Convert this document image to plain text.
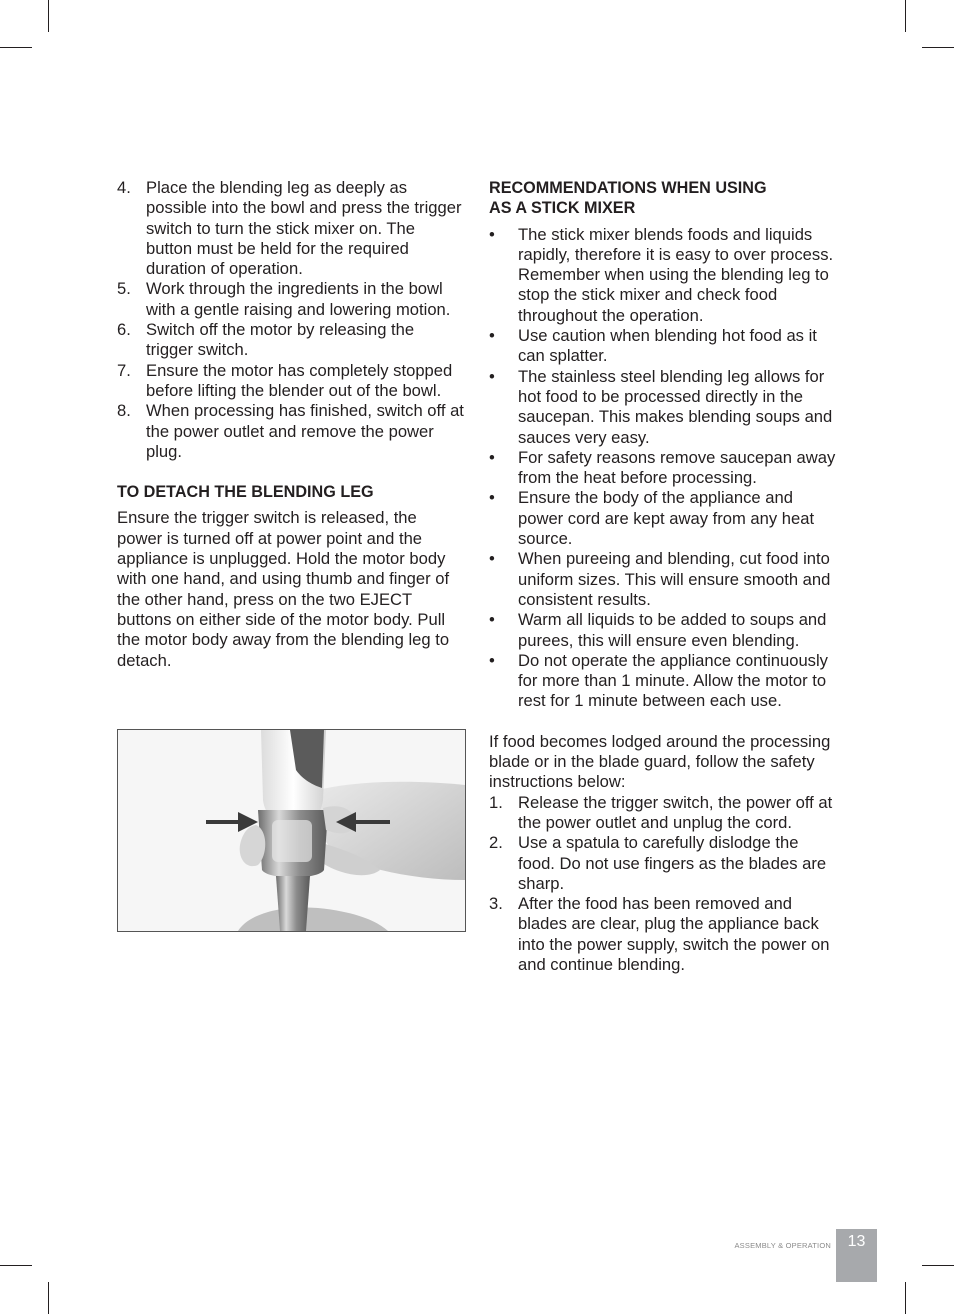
4. Place the blending leg as deeply as possible into the bowl and press the trigger switch to turn the stick mixer on. The button must be held for the required duration of operation.
5. Work through the ingredients in the bowl with a gentle raising and lowering motion.
6. Switch off the motor by releasing the trigger switch.
7. Ensure the motor has completely stopped before lifting the blender out of the bowl.
8. When processing has finished, switch off at the power outlet and remove the power plug.
TO DETACH THE BLENDING LEG

Ensure the trigger switch is released, the power is turned off at power point and the appliance is unplugged. Hold the motor body with one hand, and using thumb and finger of the other hand, press on the two EJECT buttons on either side of the motor body. Pull the motor body away from the blending leg to detach.

RECOMMENDATIONS WHEN USING
AS A STICK MIXER
• The stick mixer blends foods and liquids rapidly, therefore it is easy to over process. Remember when using the blending leg to stop the stick mixer and check food throughout the operation.
• Use caution when blending hot food as it can splatter.
• The stainless steel blending leg allows for hot food to be processed directly in the saucepan. This makes blending soups and sauces very easy.
• For safety reasons remove saucepan away from the heat before processing.
• Ensure the body of the appliance and power cord are kept away from any heat source.
• When pureeing and blending, cut food into uniform sizes. This will ensure smooth and consistent results.
• Warm all liquids to be added to soups and purees, this will ensure even blending.
• Do not operate the appliance continuously for more than 1 minute. Allow the motor to rest for 1 minute between each use.

If food becomes lodged around the processing blade or in the blade guard, follow the safety instructions below:

1. Release the trigger switch, the power off at the power outlet and unplug the cord.
2. Use a spatula to carefully dislodge the food. Do not use fingers as the blades are sharp.
3. After the food has been removed and blades are clear, plug the appliance back into the power supply, switch the power on and continue blending.
ASSEMBLY & OPERATION	13
